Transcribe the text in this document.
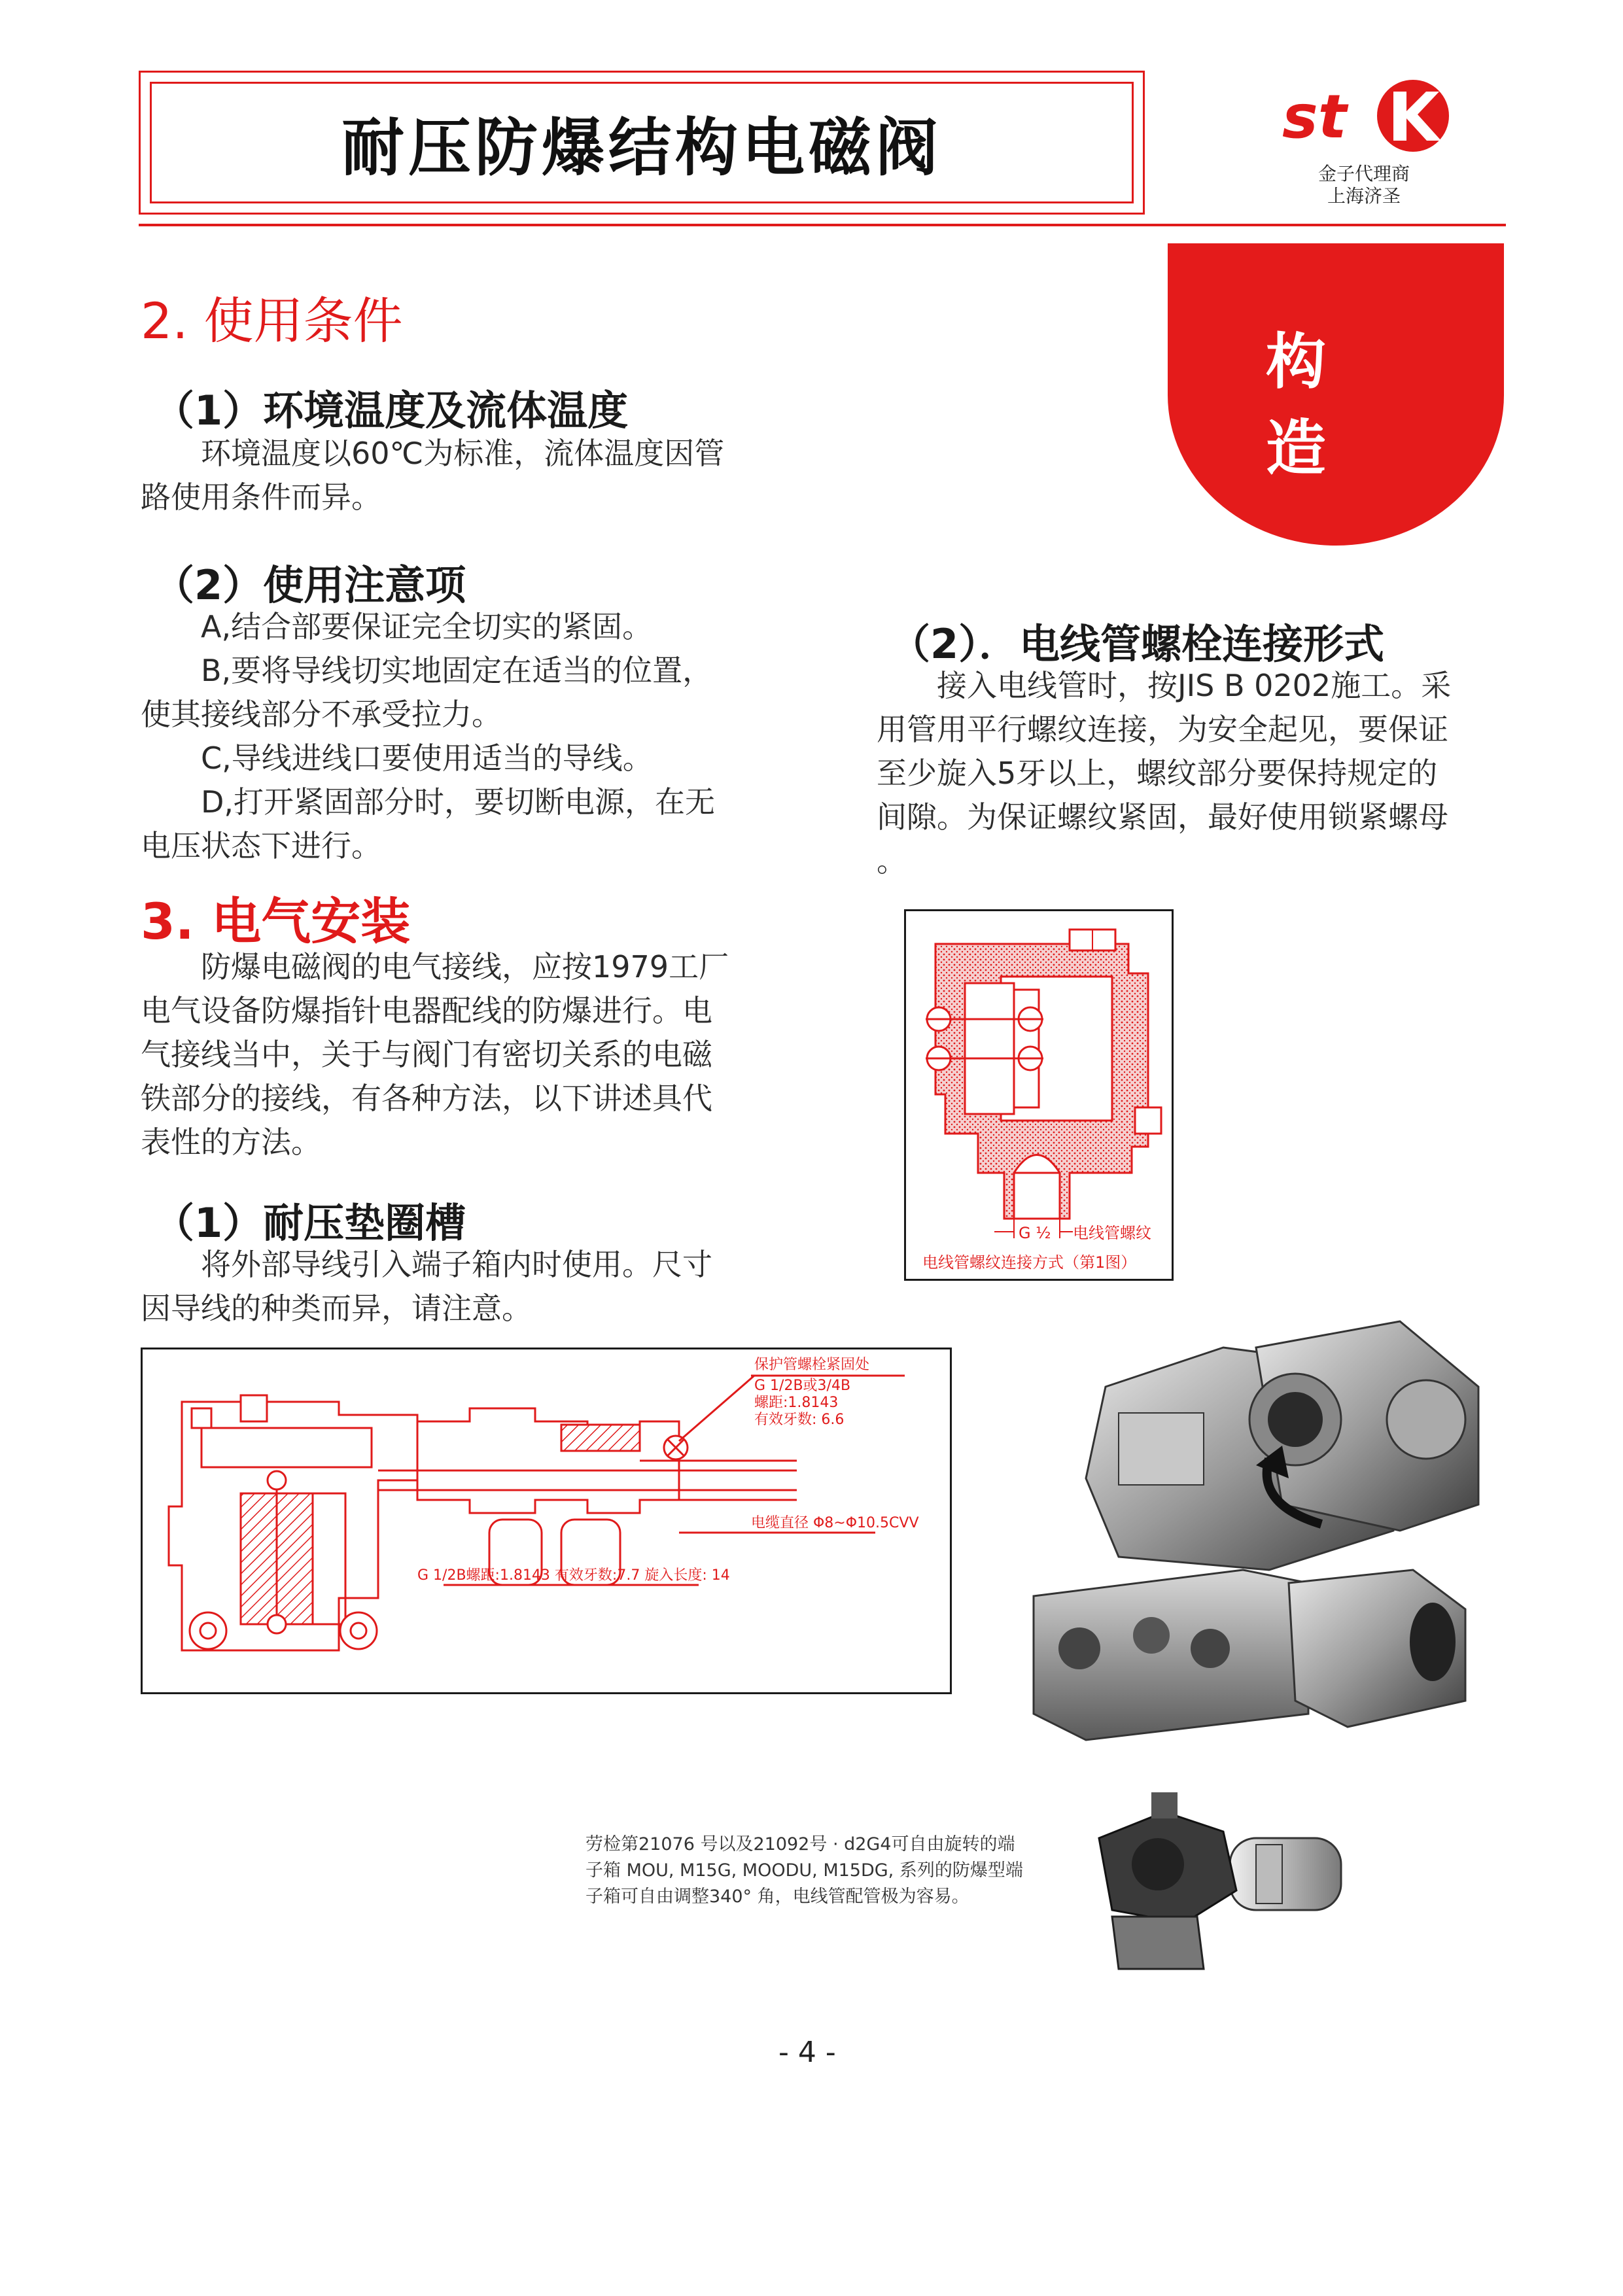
耐压防爆结构电磁阀	st
金子代理商
上海济圣
构 造
2. 使用条件
（1）环境温度及流体温度

环境温度以60℃为标准，流体温度因管

路使用条件而异。

（2）使用注意项

A,结合部要保证完全切实的紧固。

B,要将导线切实地固定在适当的位置，

使其接线部分不承受拉力。

C,导线进线口要使用适当的导线。

D,打开紧固部分时，要切断电源，在无

电压状态下进行。

3. 电气安装

防爆电磁阀的电气接线，应按1979工厂

电气设备防爆指针电器配线的防爆进行。电

气接线当中，关于与阀门有密切关系的电磁

铁部分的接线，有各种方法，以下讲述具代

表性的方法。

（1）耐压垫圈槽

将外部导线引入端子箱内时使用。尺寸

因导线的种类而异，请注意。

（2）．电线管螺栓连接形式

接入电线管时，按JIS B 0202施工。采

用管用平行螺纹连接，为安全起见，要保证

至少旋入5牙以上，螺纹部分要保持规定的

间隙。为保证螺纹紧固，最好使用锁紧螺母

。

G ½ 电线管螺纹
电线管螺纹连接方式（第1图）
保护管螺栓紧固处
G 1/2B或3/4B
螺距:1.8143
有效牙数: 6.6
电缆直径 Φ8~Φ10.5CVV
G 1/2B螺距:1.8143 有效牙数:7.7 旋入长度: 14
劳检第21076 号以及21092号 · d2G4可自由旋转的端
子箱 MOU, M15G, MOODU, M15DG, 系列的防爆型端
子箱可自由调整340° 角，电线管配管极为容易。
- 4 -
